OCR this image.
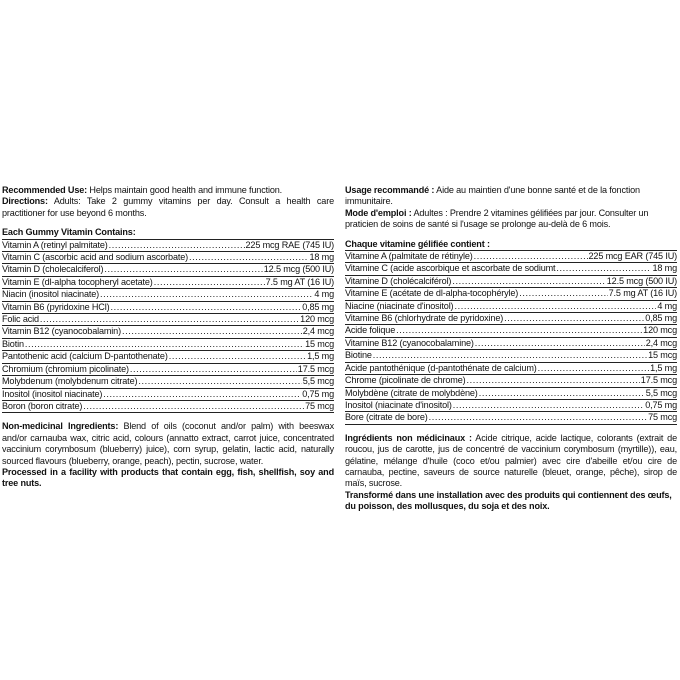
Recommended Use: Helps maintain good health and immune function.

Directions: Adults: Take 2 gummy vitamins per day. Consult a health care practitioner for use beyond 6 months.

Each Gummy Vitamin Contains:

Vitamin A (retinyl palmitate) .....	225 mcg RAE (745 IU)
Vitamin C (ascorbic acid and sodium ascorbate) .....	18 mg
Vitamin D (cholecalciferol) .....	12.5 mcg (500 IU)
Vitamin E (dl-alpha tocopheryl acetate) .....	7.5 mg AT (16 IU)
Niacin (inositol niacinate) .....	4 mg
Vitamin B6 (pyridoxine HCl) .....	0,85 mg
Folic acid .....	120 mcg
Vitamin B12 (cyanocobalamin) .....	2,4 mcg
Biotin .....	15 mcg
Pantothenic acid (calcium D-pantothenate) .....	1,5 mg
Chromium (chromium picolinate) .....	17.5 mcg
Molybdenum (molybdenum citrate) .....	5,5 mcg
Inositol (inositol niacinate) .....	0,75 mg
Boron (boron citrate) .....	75 mcg

Non-medicinal Ingredients: Blend of oils (coconut and/or palm) with beeswax and/or carnauba wax, citric acid, colours (annatto extract, carrot juice, concentrated vaccinium corymbosum (blueberry) juice), corn syrup, gelatin, lactic acid, naturally sourced flavours (blueberry, orange, peach), pectin, sucrose, water.

Processed in a facility with products that contain egg, fish, shellfish, soy and tree nuts.

Usage recommandé : Aide au maintien d'une bonne santé et de la fonction immunitaire.

Mode d'emploi : Adultes : Prendre 2 vitamines gélifiées par jour. Consulter un praticien de soins de santé si l'usage se prolonge au-delà de 6 mois.

Chaque vitamine gélifiée contient :

Vitamine A (palmitate de rétinyle) .....	225 mcg EAR (745 IU)
Vitamine C (acide ascorbique et ascorbate de sodiumt .....	18 mg
Vitamine D (cholécalciférol) .....	12.5 mcg (500 IU)
Vitamine E (acétate de dl-alpha-tocophéryle) .....	7.5 mg AT (16 IU)
Niacine (niacinate d'inositol) .....	4 mg
Vitamine B6 (chlorhydrate de pyridoxine) .....	0,85 mg
Acide folique .....	120 mcg
Vitamine B12 (cyanocobalamine) .....	2,4 mcg
Biotine .....	15 mcg
Acide pantothénique (d-pantothénate de calcium) .....	1,5 mg
Chrome (picolinate de chrome) .....	17.5 mcg
Molybdène (citrate de molybdène) .....	5,5 mcg
Inositol (niacinate d'inositol) .....	0,75 mg
Bore (citrate de bore) .....	75 mcg

Ingrédients non médicinaux : Acide citrique, acide lactique, colorants (extrait de roucou, jus de carotte, jus de concentré de vaccinium corymbosum (myrtille)), eau, gélatine, mélange d'huile (coco et/ou palmier) avec cire d'abeille et/ou cire de carnauba, pectine, saveurs de source naturelle (bleuet, orange, pêche), sirop de maïs, sucrose.

Transformé dans une installation avec des produits qui contiennent des œufs, du poisson, des mollusques, du soja et des noix.
